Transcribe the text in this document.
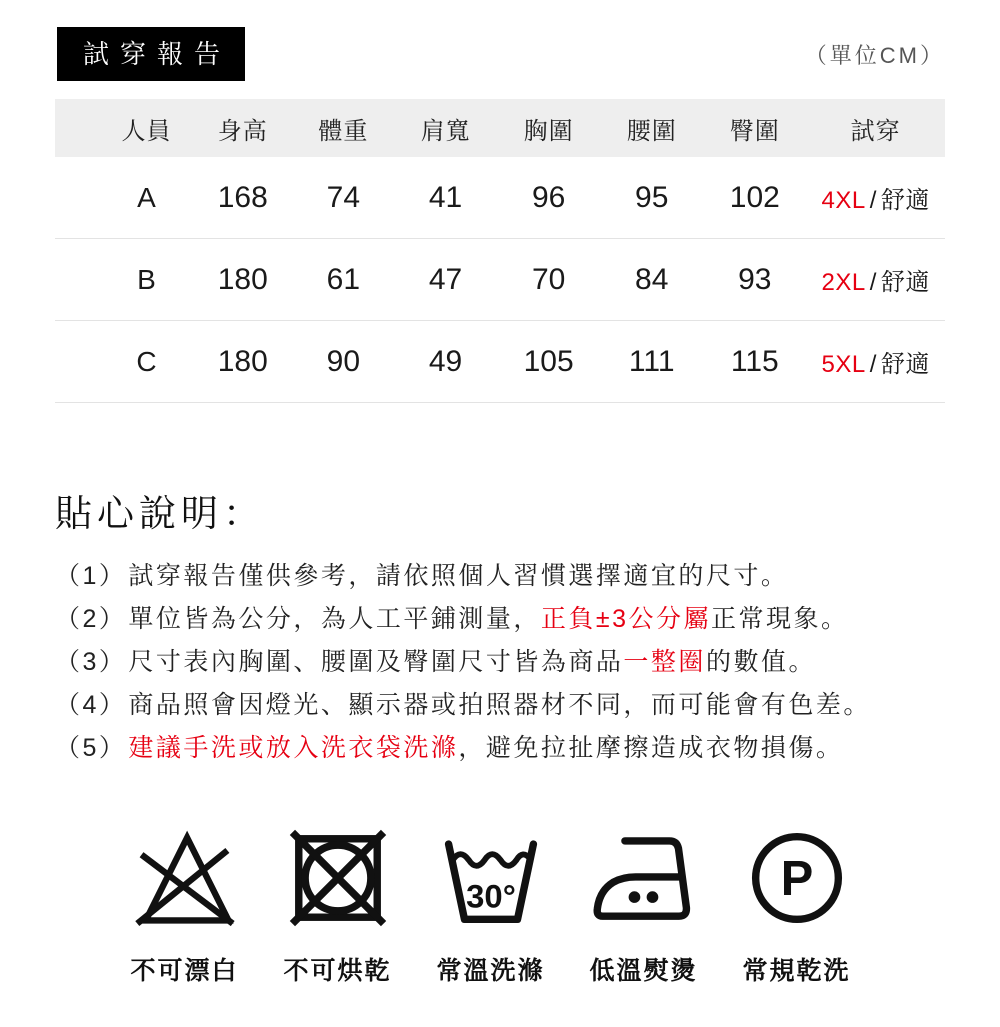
試穿報告	（單位CM）
人員	身高	體重	肩寬	胸圍	腰圍	臀圍	試穿
A	168	74	41	96	95	102	4XL / 舒適
B	180	61	47	70	84	93	2XL / 舒適
C	180	90	49	105	111	115	5XL / 舒適
貼心說明：
（1）試穿報告僅供參考，請依照個人習慣選擇適宜的尺寸。
（2）單位皆為公分，為人工平鋪測量，正負±3公分屬正常現象。
（3）尺寸表內胸圍、腰圍及臀圍尺寸皆為商品一整圈的數值。
（4）商品照會因燈光、顯示器或拍照器材不同，而可能會有色差。
（5）建議手洗或放入洗衣袋洗滌，避免拉扯摩擦造成衣物損傷。
不可漂白 不可烘乾
30°
常溫洗滌 低溫熨燙
P
常規乾洗
